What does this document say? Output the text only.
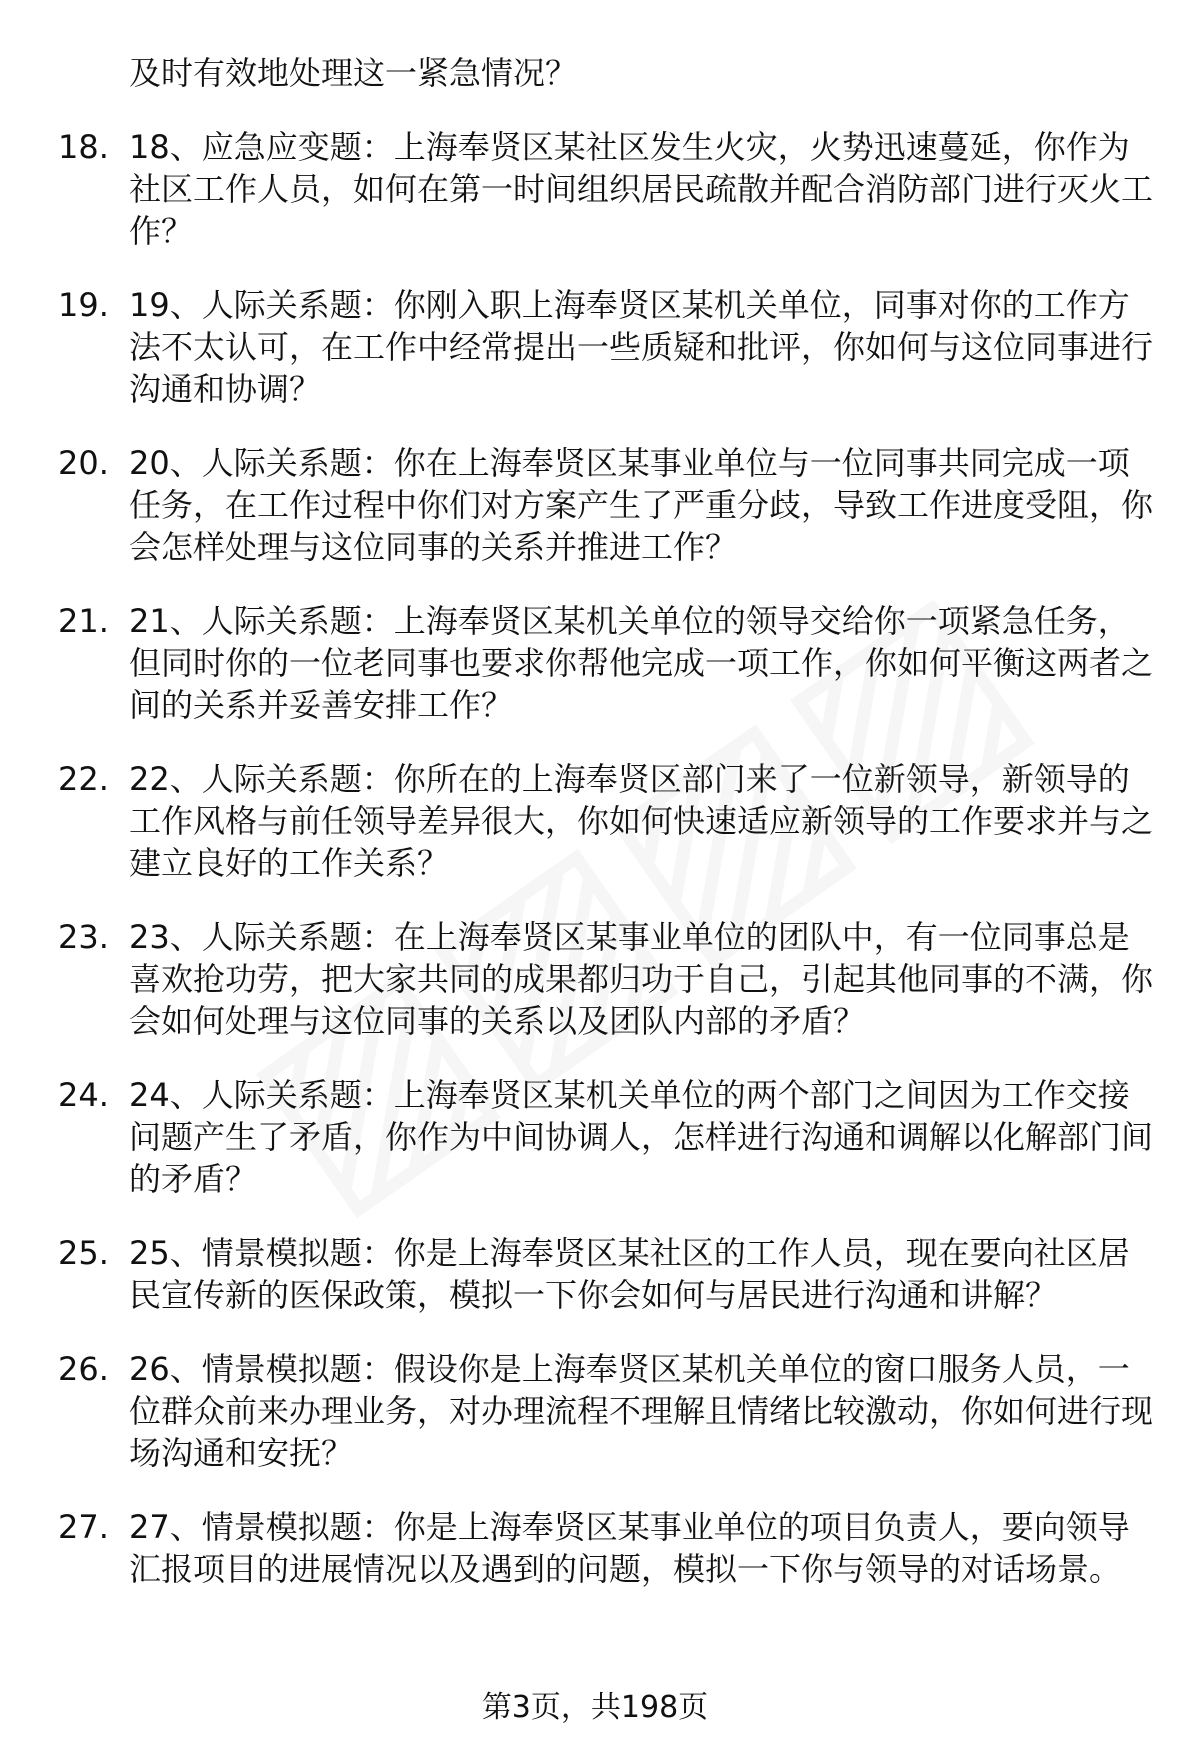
及时有效地处理这一紧急情况？
18. 18、应急应变题：上海奉贤区某社区发生火灾，火势迅速蔓延，你作为社区工作人员，如何在第一时间组织居民疏散并配合消防部门进行灭火工作？
19. 19、人际关系题：你刚入职上海奉贤区某机关单位，同事对你的工作方法不太认可，在工作中经常提出一些质疑和批评，你如何与这位同事进行沟通和协调？
20. 20、人际关系题：你在上海奉贤区某事业单位与一位同事共同完成一项任务，在工作过程中你们对方案产生了严重分歧，导致工作进度受阻，你会怎样处理与这位同事的关系并推进工作？
21. 21、人际关系题：上海奉贤区某机关单位的领导交给你一项紧急任务，但同时你的一位老同事也要求你帮他完成一项工作，你如何平衡这两者之间的关系并妥善安排工作？
22. 22、人际关系题：你所在的上海奉贤区部门来了一位新领导，新领导的工作风格与前任领导差异很大，你如何快速适应新领导的工作要求并与之建立良好的工作关系？
23. 23、人际关系题：在上海奉贤区某事业单位的团队中，有一位同事总是喜欢抢功劳，把大家共同的成果都归功于自己，引起其他同事的不满，你会如何处理与这位同事的关系以及团队内部的矛盾？
24. 24、人际关系题：上海奉贤区某机关单位的两个部门之间因为工作交接问题产生了矛盾，你作为中间协调人，怎样进行沟通和调解以化解部门间的矛盾？
25. 25、情景模拟题：你是上海奉贤区某社区的工作人员，现在要向社区居民宣传新的医保政策，模拟一下你会如何与居民进行沟通和讲解？
26. 26、情景模拟题：假设你是上海奉贤区某机关单位的窗口服务人员，一位群众前来办理业务，对办理流程不理解且情绪比较激动，你如何进行现场沟通和安抚？
27. 27、情景模拟题：你是上海奉贤区某事业单位的项目负责人，要向领导汇报项目的进展情况以及遇到的问题，模拟一下你与领导的对话场景。
第3页，共198页
